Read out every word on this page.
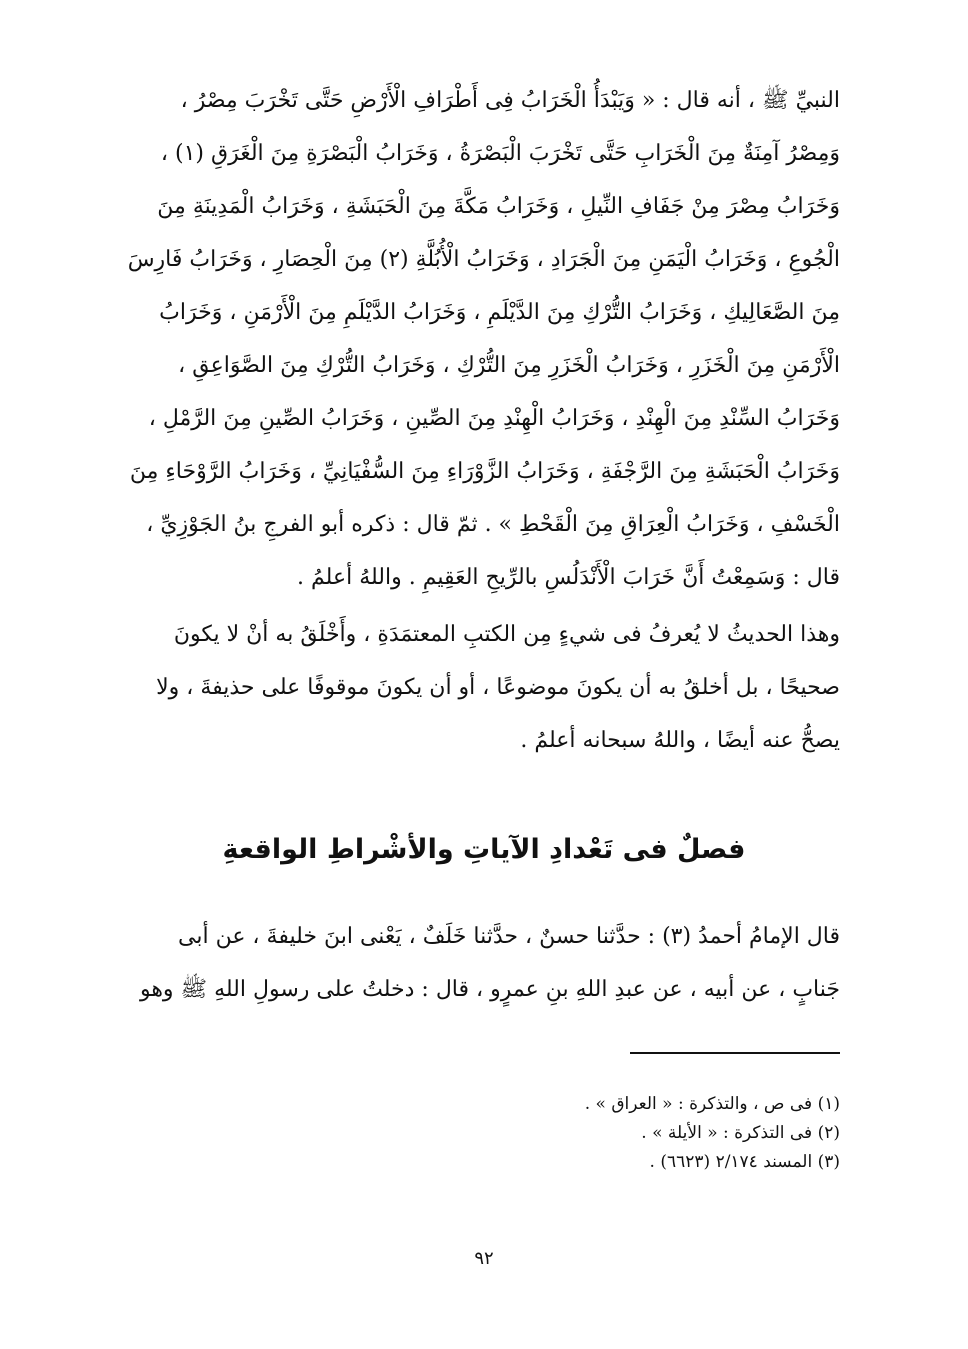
النبيِّ ﷺ ، أنه قال : « وَيَبْدَأُ الْخَرَابُ فِى أَطْرَافِ الْأَرْضِ حَتَّى تَخْرَبَ مِصْرُ ،
وَمِصْرُ آمِنَةٌ مِنَ الْخَرَابِ حَتَّى تَخْرَبَ الْبَصْرَةُ ، وَخَرَابُ الْبَصْرَةِ مِنَ الْغَرَقِ (١) ،
وَخَرَابُ مِصْرَ مِنْ جَفَافِ النِّيلِ ، وَخَرَابُ مَكَّةَ مِنَ الْحَبَشَةِ ، وَخَرَابُ الْمَدِينَةِ مِنَ
الْجُوعِ ، وَخَرَابُ الْيَمَنِ مِنَ الْجَرَادِ ، وَخَرَابُ الْأُبُلَّةِ (٢) مِنَ الْحِصَارِ ، وَخَرَابُ فَارِسَ
مِنَ الصَّعَالِيكِ ، وَخَرَابُ التُّرْكِ مِنَ الدَّيْلَمِ ، وَخَرَابُ الدَّيْلَمِ مِنَ الْأَرْمَنِ ، وَخَرَابُ
الْأَرْمَنِ مِنَ الْخَزَرِ ، وَخَرَابُ الْخَزَرِ مِنَ التُّرْكِ ، وَخَرَابُ التُّرْكِ مِنَ الصَّوَاعِقِ ،
وَخَرَابُ السِّنْدِ مِنَ الْهِنْدِ ، وَخَرَابُ الْهِنْدِ مِنَ الصِّينِ ، وَخَرَابُ الصِّينِ مِنَ الرَّمْلِ ،
وَخَرَابُ الْحَبَشَةِ مِنَ الرَّجْفَةِ ، وَخَرَابُ الزَّوْرَاءِ مِنَ السُّفْيَانِيِّ ، وَخَرَابُ الرَّوْحَاءِ مِنَ
الْخَسْفِ ، وَخَرَابُ الْعِرَاقِ مِنَ الْقَحْطِ » . ثمّ قال : ذكره أبو الفرجِ بنُ الجَوْزِيِّ ،
قال : وَسَمِعْتُ أَنَّ خَرَابَ الْأَنْدَلُسِ بالرِّيحِ العَقِيمِ . واللهُ أعلمُ .
وهذا الحديثُ لا يُعرفُ فى شيءٍ مِن الكتبِ المعتمَدَةِ ، وأَخْلَقُ به أنْ لا يكونَ
صحيحًا ، بل أخلقُ به أن يكونَ موضوعًا ، أو أن يكونَ موقوفًا على حذيفةَ ، ولا
يصحُّ عنه أيضًا ، واللهُ سبحانه أعلمُ .
فصلٌ فى تَعْدادِ الآياتِ والأشْراطِ الواقعةِ
قال الإمامُ أحمدُ (٣) : حدَّثنا حسنٌ ، حدَّثنا خَلَفٌ ، يَعْنى ابنَ خليفةَ ، عن أبى
جَنابٍ ، عن أبيه ، عن عبدِ اللهِ بنِ عمرٍو ، قال : دخلتُ على رسولِ اللهِ ﷺ وهو
(١) فى ص ، والتذكرة : « العراق » .
(٢) فى التذكرة : « الأيلة » .
(٣) المسند ٢/١٧٤ (٦٦٢٣) .
٩٢
